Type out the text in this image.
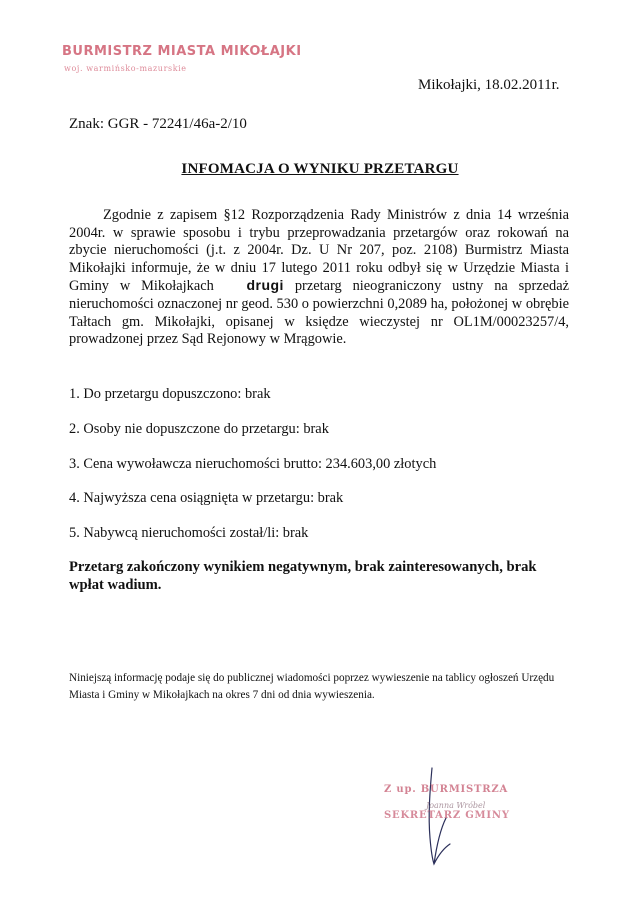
BURMISTRZ MIASTA MIKOŁAJKI
woj. warmińsko-mazurskie
Mikołajki, 18.02.2011r.
Znak: GGR - 72241/46a-2/10
INFOMACJA O WYNIKU PRZETARGU
Zgodnie z zapisem §12 Rozporządzenia Rady Ministrów z dnia 14 września 2004r. w sprawie sposobu i trybu przeprowadzania przetargów oraz rokowań na zbycie nieruchomości (j.t. z 2004r. Dz. U Nr 207, poz. 2108) Burmistrz Miasta Mikołajki informuje, że w dniu 17 lutego 2011 roku odbył się w Urzędzie Miasta i Gminy w Mikołajkach drugi przetarg nieograniczony ustny na sprzedaż nieruchomości oznaczonej nr geod. 530 o powierzchni 0,2089 ha, położonej w obrębie Tałtach gm. Mikołajki, opisanej w księdze wieczystej nr OL1M/00023257/4, prowadzonej przez Sąd Rejonowy w Mrągowie.
1. Do przetargu dopuszczono: brak
2. Osoby nie dopuszczone do przetargu: brak
3. Cena wywoławcza nieruchomości brutto: 234.603,00 złotych
4. Najwyższa cena osiągnięta w przetargu: brak
5. Nabywcą nieruchomości został/li: brak
Przetarg zakończony wynikiem negatywnym, brak zainteresowanych, brak wpłat wadium.
Niniejszą informację podaje się do publicznej wiadomości poprzez wywieszenie na tablicy ogłoszeń Urzędu Miasta i Gminy w Mikołajkach na okres 7 dni od dnia wywieszenia.
Z up. BURMISTRZA
Joanna Wróbel
SEKRETARZ GMINY
